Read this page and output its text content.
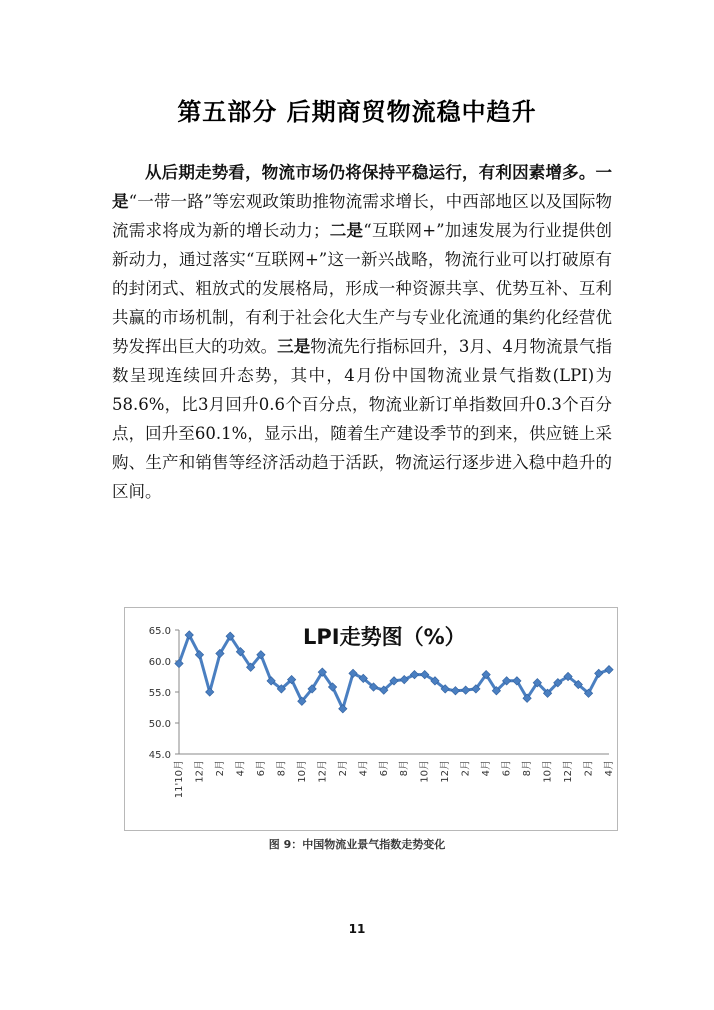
第五部分 后期商贸物流稳中趋升

从后期走势看，物流市场仍将保持平稳运行，有利因素增多。一是“一带一路”等宏观政策助推物流需求增长，中西部地区以及国际物流需求将成为新的增长动力；二是“互联网+”加速发展为行业提供创新动力，通过落实“互联网+”这一新兴战略，物流行业可以打破原有的封闭式、粗放式的发展格局，形成一种资源共享、优势互补、互利共赢的市场机制，有利于社会化大生产与专业化流通的集约化经营优势发挥出巨大的功效。三是物流先行指标回升，3月、4月物流景气指数呈现连续回升态势，其中，4月份中国物流业景气指数(LPI)为58.6%，比3月回升0.6个百分点，物流业新订单指数回升0.3个百分点，回升至60.1%，显示出，随着生产建设季节的到来，供应链上采购、生产和销售等经济活动趋于活跃，物流运行逐步进入稳中趋升的区间。

45.0
50.0
55.0
60.0
65.0
11'10月 12月 2月 4月 6月 8月 10月 12月 2月 4月 6月 8月 10月 12月 2月 4月 6月 8月 10月 12月 2月 4月
LPI走势图（%）
图 9：中国物流业景气指数走势变化
11
